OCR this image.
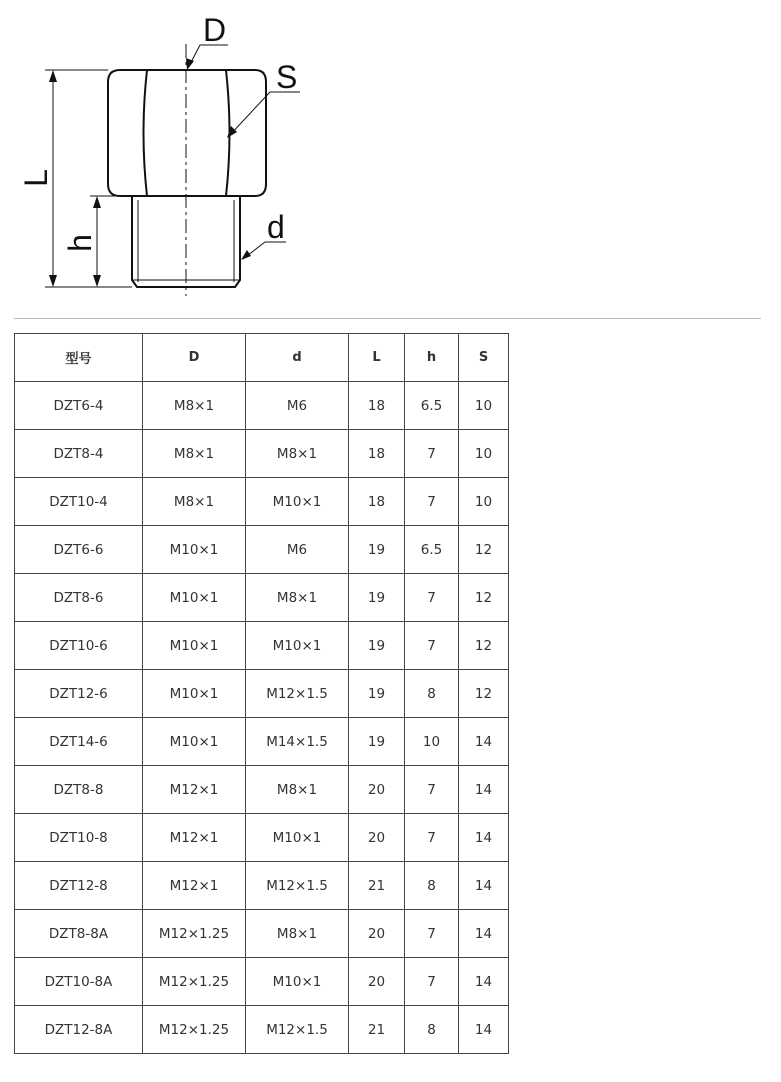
D
S
d
L
h
型号	D	d	L	h	S
DZT6-4	M8×1	M6	18	6.5	10
DZT8-4	M8×1	M8×1	18	7	10
DZT10-4	M8×1	M10×1	18	7	10
DZT6-6	M10×1	M6	19	6.5	12
DZT8-6	M10×1	M8×1	19	7	12
DZT10-6	M10×1	M10×1	19	7	12
DZT12-6	M10×1	M12×1.5	19	8	12
DZT14-6	M10×1	M14×1.5	19	10	14
DZT8-8	M12×1	M8×1	20	7	14
DZT10-8	M12×1	M10×1	20	7	14
DZT12-8	M12×1	M12×1.5	21	8	14
DZT8-8A	M12×1.25	M8×1	20	7	14
DZT10-8A	M12×1.25	M10×1	20	7	14
DZT12-8A	M12×1.25	M12×1.5	21	8	14
